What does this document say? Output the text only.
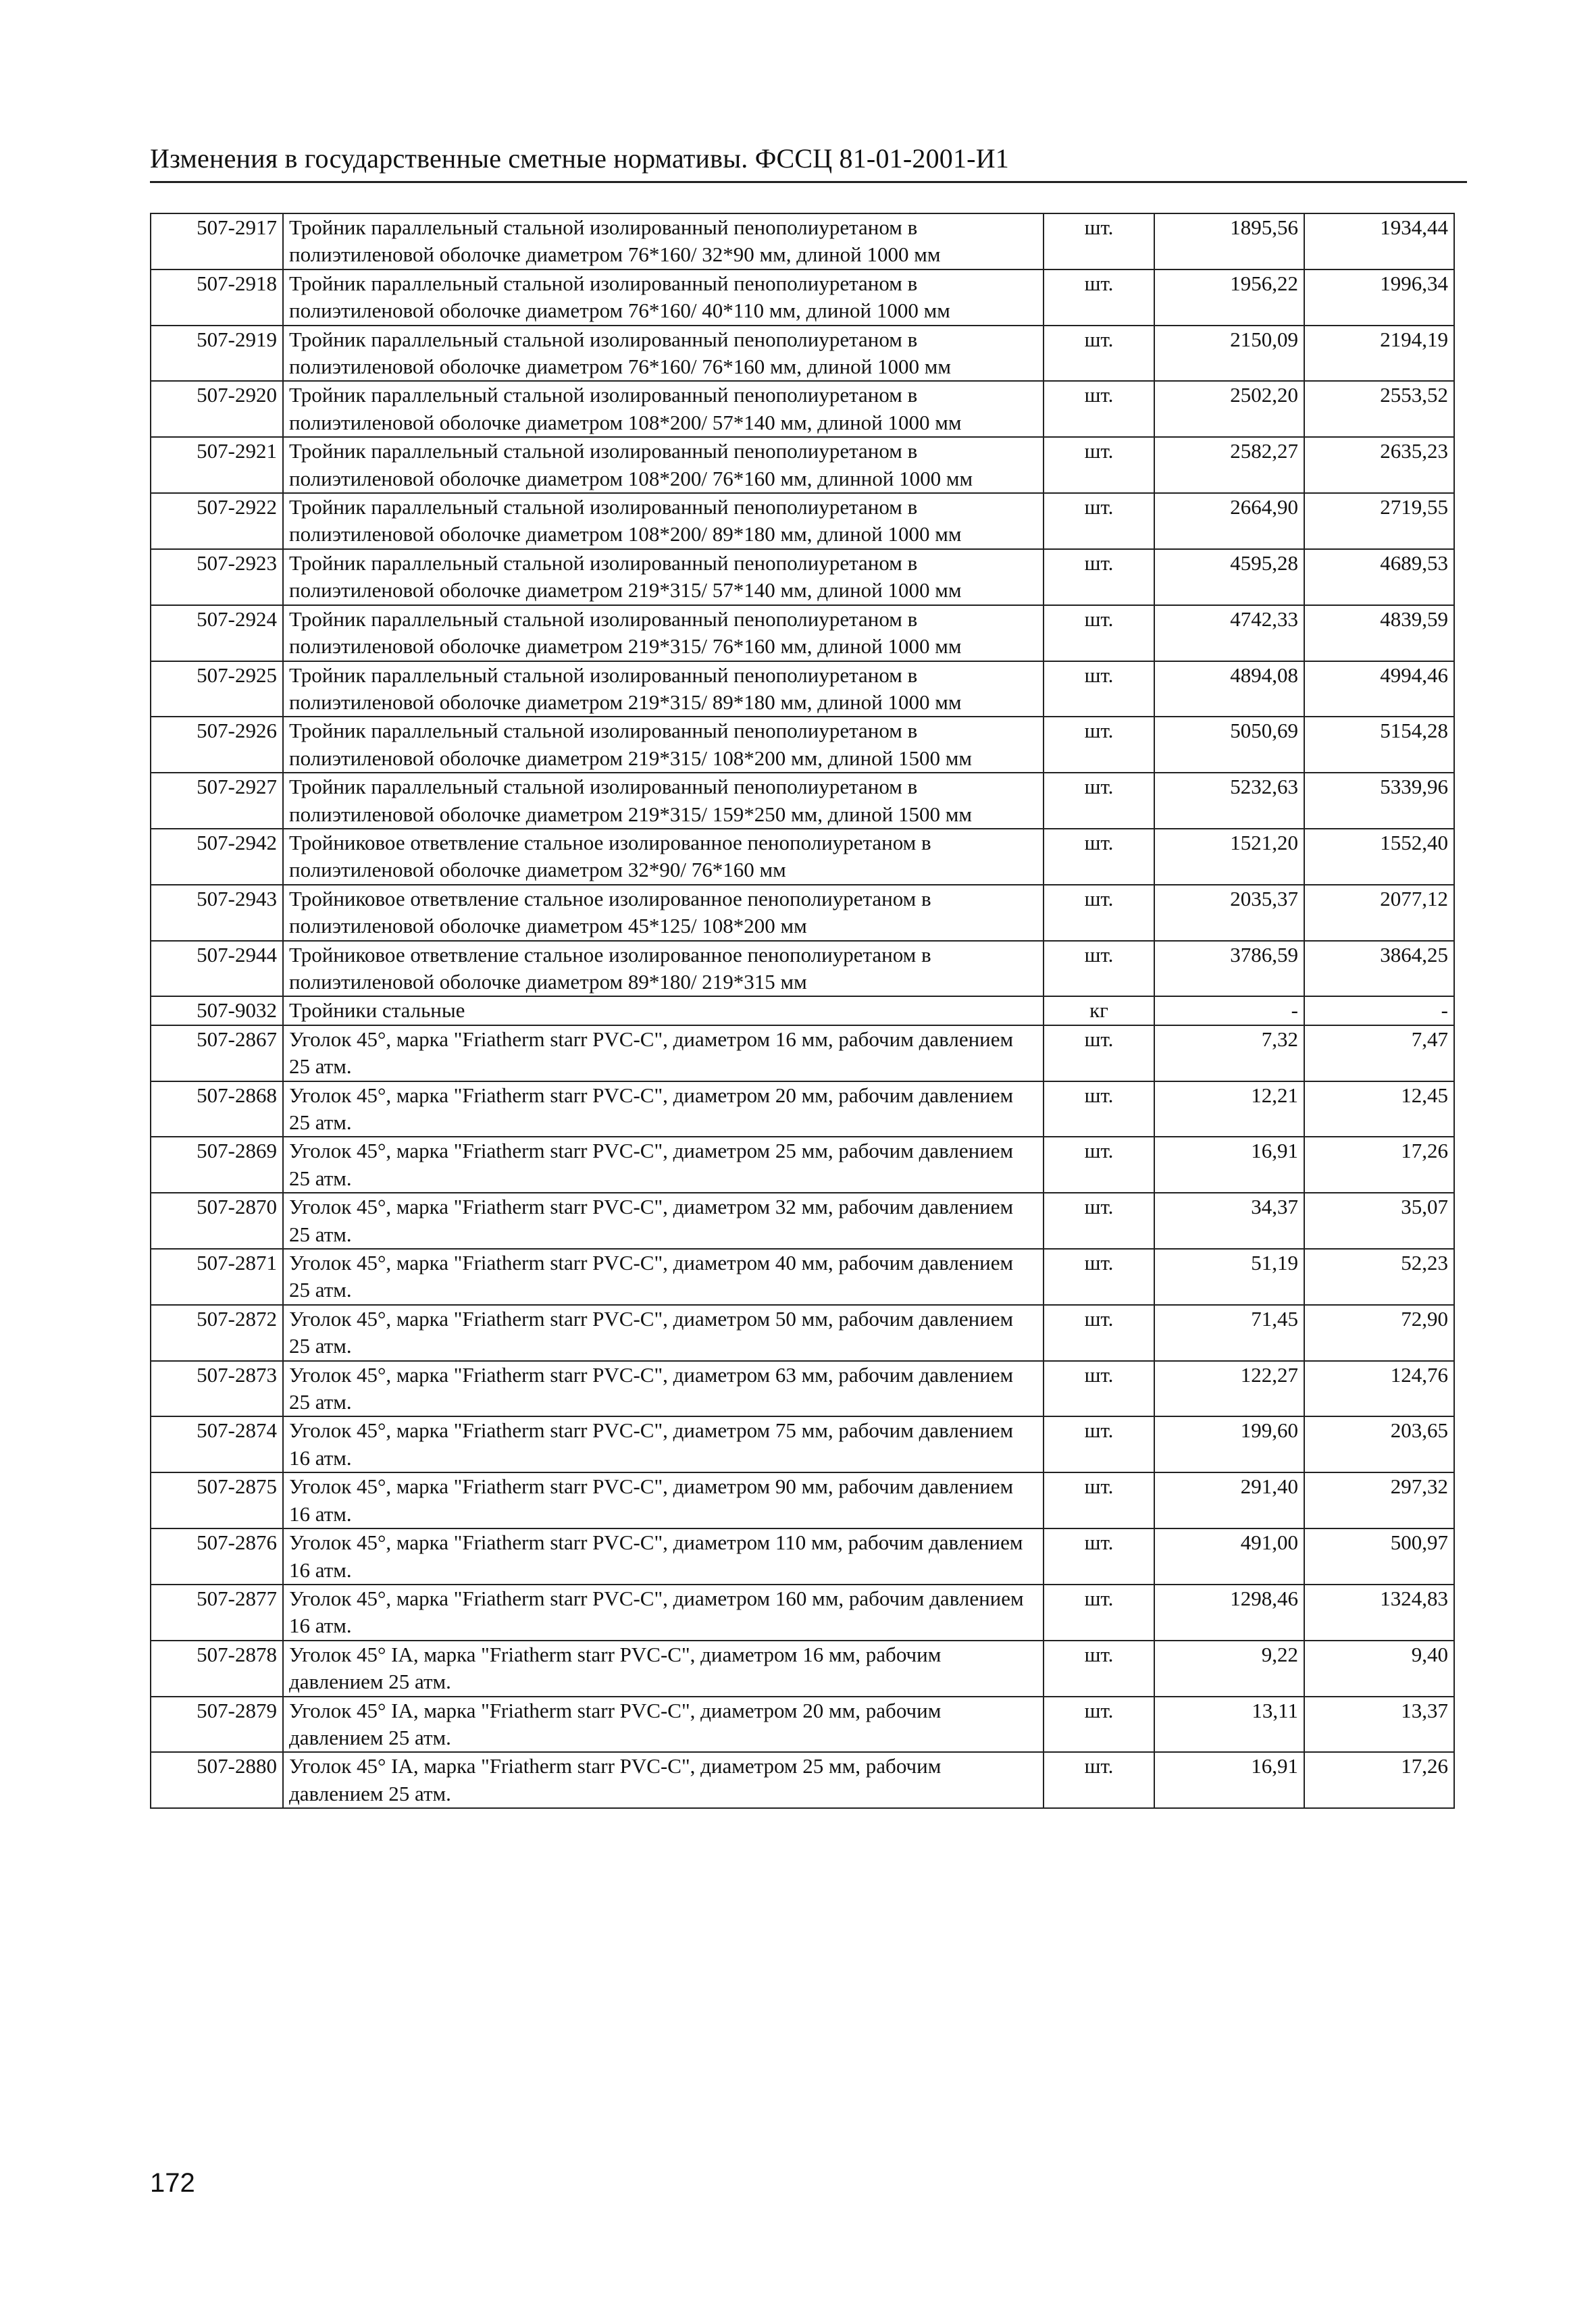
Изменения в государственные сметные нормативы. ФССЦ 81-01-2001-И1
507-2917	Тройник параллельный стальной изолированный пенополиуретаном в полиэтиленовой оболочке диаметром 76*160/ 32*90 мм, длиной 1000 мм	шт.	1895,56	1934,44
507-2918	Тройник параллельный стальной изолированный пенополиуретаном в полиэтиленовой оболочке диаметром 76*160/ 40*110 мм, длиной 1000 мм	шт.	1956,22	1996,34
507-2919	Тройник параллельный стальной изолированный пенополиуретаном в полиэтиленовой оболочке диаметром 76*160/ 76*160 мм, длиной 1000 мм	шт.	2150,09	2194,19
507-2920	Тройник параллельный стальной изолированный пенополиуретаном в полиэтиленовой оболочке диаметром 108*200/ 57*140 мм, длиной 1000 мм	шт.	2502,20	2553,52
507-2921	Тройник параллельный стальной изолированный пенополиуретаном в полиэтиленовой оболочке диаметром 108*200/ 76*160 мм, длинной 1000 мм	шт.	2582,27	2635,23
507-2922	Тройник параллельный стальной изолированный пенополиуретаном в полиэтиленовой оболочке диаметром 108*200/ 89*180 мм, длиной 1000 мм	шт.	2664,90	2719,55
507-2923	Тройник параллельный стальной изолированный пенополиуретаном в полиэтиленовой оболочке диаметром 219*315/ 57*140 мм, длиной 1000 мм	шт.	4595,28	4689,53
507-2924	Тройник параллельный стальной изолированный пенополиуретаном в полиэтиленовой оболочке диаметром 219*315/ 76*160 мм, длиной 1000 мм	шт.	4742,33	4839,59
507-2925	Тройник параллельный стальной изолированный пенополиуретаном в полиэтиленовой оболочке диаметром 219*315/ 89*180 мм, длиной 1000 мм	шт.	4894,08	4994,46
507-2926	Тройник параллельный стальной изолированный пенополиуретаном в полиэтиленовой оболочке диаметром 219*315/ 108*200 мм, длиной 1500 мм	шт.	5050,69	5154,28
507-2927	Тройник параллельный стальной изолированный пенополиуретаном в полиэтиленовой оболочке диаметром 219*315/ 159*250 мм, длиной 1500 мм	шт.	5232,63	5339,96
507-2942	Тройниковое ответвление стальное изолированное пенополиуретаном в полиэтиленовой оболочке диаметром 32*90/ 76*160 мм	шт.	1521,20	1552,40
507-2943	Тройниковое ответвление стальное изолированное пенополиуретаном в полиэтиленовой оболочке диаметром 45*125/ 108*200 мм	шт.	2035,37	2077,12
507-2944	Тройниковое ответвление стальное изолированное пенополиуретаном в полиэтиленовой оболочке диаметром 89*180/ 219*315 мм	шт.	3786,59	3864,25
507-9032	Тройники стальные	кг	-	-
507-2867	Уголок 45°, марка "Friatherm starr PVC-C", диаметром 16 мм, рабочим давлением 25 атм.	шт.	7,32	7,47
507-2868	Уголок 45°, марка "Friatherm starr PVC-C", диаметром 20 мм, рабочим давлением 25 атм.	шт.	12,21	12,45
507-2869	Уголок 45°, марка "Friatherm starr PVC-C", диаметром 25 мм, рабочим давлением 25 атм.	шт.	16,91	17,26
507-2870	Уголок 45°, марка "Friatherm starr PVC-C", диаметром 32 мм, рабочим давлением 25 атм.	шт.	34,37	35,07
507-2871	Уголок 45°, марка "Friatherm starr PVC-C", диаметром 40 мм, рабочим давлением 25 атм.	шт.	51,19	52,23
507-2872	Уголок 45°, марка "Friatherm starr PVC-C", диаметром 50 мм, рабочим давлением 25 атм.	шт.	71,45	72,90
507-2873	Уголок 45°, марка "Friatherm starr PVC-C", диаметром 63 мм, рабочим давлением 25 атм.	шт.	122,27	124,76
507-2874	Уголок 45°, марка "Friatherm starr PVC-C", диаметром 75 мм, рабочим давлением 16 атм.	шт.	199,60	203,65
507-2875	Уголок 45°, марка "Friatherm starr PVC-C", диаметром 90 мм, рабочим давлением 16 атм.	шт.	291,40	297,32
507-2876	Уголок 45°, марка "Friatherm starr PVC-C", диаметром 110 мм, рабочим давлением 16 атм.	шт.	491,00	500,97
507-2877	Уголок 45°, марка "Friatherm starr PVC-C", диаметром 160 мм, рабочим давлением 16 атм.	шт.	1298,46	1324,83
507-2878	Уголок 45° IA, марка "Friatherm starr PVC-C", диаметром 16 мм, рабочим давлением 25 атм.	шт.	9,22	9,40
507-2879	Уголок 45° IA, марка "Friatherm starr PVC-C", диаметром 20 мм, рабочим давлением 25 атм.	шт.	13,11	13,37
507-2880	Уголок 45° IA, марка "Friatherm starr PVC-C", диаметром 25 мм, рабочим давлением 25 атм.	шт.	16,91	17,26
172
